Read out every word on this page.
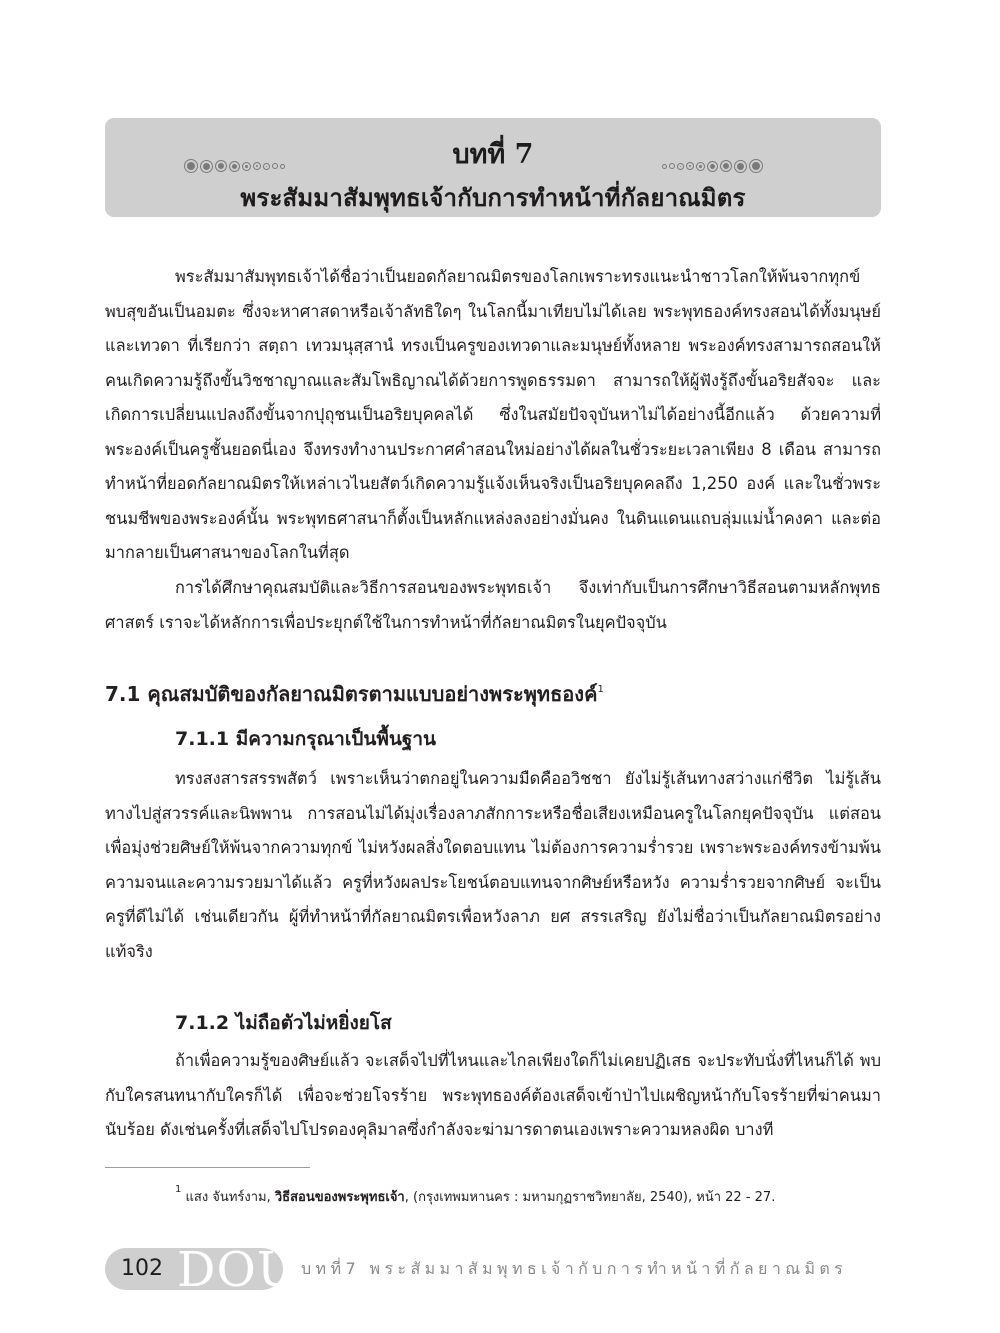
บทที่ 7
พระสัมมาสัมพุทธเจ้ากับการทำหน้าที่กัลยาณมิตร

พระสัมมาสัมพุทธเจ้าได้ชื่อว่าเป็นยอดกัลยาณมิตรของโลกเพราะทรงแนะนำชาวโลกให้พ้นจากทุกข์ พบสุขอันเป็นอมตะ ซึ่งจะหาศาสดาหรือเจ้าลัทธิใดๆ ในโลกนี้มาเทียบไม่ได้เลย พระพุทธองค์ทรงสอนได้ทั้งมนุษย์และเทวดา ที่เรียกว่า สตฺถา เทวมนุสฺสานํ ทรงเป็นครูของเทวดาและมนุษย์ทั้งหลาย พระองค์ทรงสามารถสอนให้คนเกิดความรู้ถึงขั้นวิชชาญาณและสัมโพธิญาณได้ด้วยการพูดธรรมดา สามารถให้ผู้ฟังรู้ถึงขั้นอริยสัจจะ และเกิดการเปลี่ยนแปลงถึงขั้นจากปุถุชนเป็นอริยบุคคลได้ ซึ่งในสมัยปัจจุบันหาไม่ได้อย่างนี้อีกแล้ว ด้วยความที่พระองค์เป็นครูชั้นยอดนี่เอง จึงทรงทำงานประกาศคำสอนใหม่อย่างได้ผลในชั่วระยะเวลาเพียง 8 เดือน สามารถทำหน้าที่ยอดกัลยาณมิตรให้เหล่าเวไนยสัตว์เกิดความรู้แจ้งเห็นจริงเป็นอริยบุคคลถึง 1,250 องค์ และในชั่วพระชนมชีพของพระองค์นั้น พระพุทธศาสนาก็ตั้งเป็นหลักแหล่งลงอย่างมั่นคง ในดินแดนแถบลุ่มแม่น้ำคงคา และต่อมากลายเป็นศาสนาของโลกในที่สุด

การได้ศึกษาคุณสมบัติและวิธีการสอนของพระพุทธเจ้า จึงเท่ากับเป็นการศึกษาวิธีสอนตามหลักพุทธศาสตร์ เราจะได้หลักการเพื่อประยุกต์ใช้ในการทำหน้าที่กัลยาณมิตรในยุคปัจจุบัน

7.1 คุณสมบัติของกัลยาณมิตรตามแบบอย่างพระพุทธองค์$^1$
7.1.1 มีความกรุณาเป็นพื้นฐาน

ทรงสงสารสรรพสัตว์ เพราะเห็นว่าตกอยู่ในความมืดคืออวิชชา ยังไม่รู้เส้นทางสว่างแก่ชีวิต ไม่รู้เส้นทางไปสู่สวรรค์และนิพพาน การสอนไม่ได้มุ่งเรื่องลาภสักการะหรือชื่อเสียงเหมือนครูในโลกยุคปัจจุบัน แต่สอนเพื่อมุ่งช่วยศิษย์ให้พ้นจากความทุกข์ ไม่หวังผลสิ่งใดตอบแทน ไม่ต้องการความร่ำรวย เพราะพระองค์ทรงข้ามพ้นความจนและความรวยมาได้แล้ว ครูที่หวังผลประโยชน์ตอบแทนจากศิษย์หรือหวัง ความร่ำรวยจากศิษย์ จะเป็นครูที่ดีไม่ได้ เช่นเดียวกัน ผู้ที่ทำหน้าที่กัลยาณมิตรเพื่อหวังลาภ ยศ สรรเสริญ ยังไม่ชื่อว่าเป็นกัลยาณมิตรอย่างแท้จริง

7.1.2 ไม่ถือตัวไม่หยิ่งยโส

ถ้าเพื่อความรู้ของศิษย์แล้ว จะเสด็จไปที่ไหนและไกลเพียงใดก็ไม่เคยปฏิเสธ จะประทับนั่งที่ไหนก็ได้ พบกับใครสนทนากับใครก็ได้ เพื่อจะช่วยโจรร้าย พระพุทธองค์ต้องเสด็จเข้าป่าไปเผชิญหน้ากับโจรร้ายที่ฆ่าคนมานับร้อย ดังเช่นครั้งที่เสด็จไปโปรดองคุลิมาลซึ่งกำลังจะฆ่ามารดาตนเองเพราะความหลงผิด บางที

$^1$ แสง จันทร์งาม, วิธีสอนของพระพุทธเจ้า, (กรุงเทพมหานคร : มหามกุฏราชวิทยาลัย, 2540), หน้า 22 - 27.

102 DOU บทที่7 พระสัมมาสัมพุทธเจ้ากับการทำหน้าที่กัลยาณมิตร
